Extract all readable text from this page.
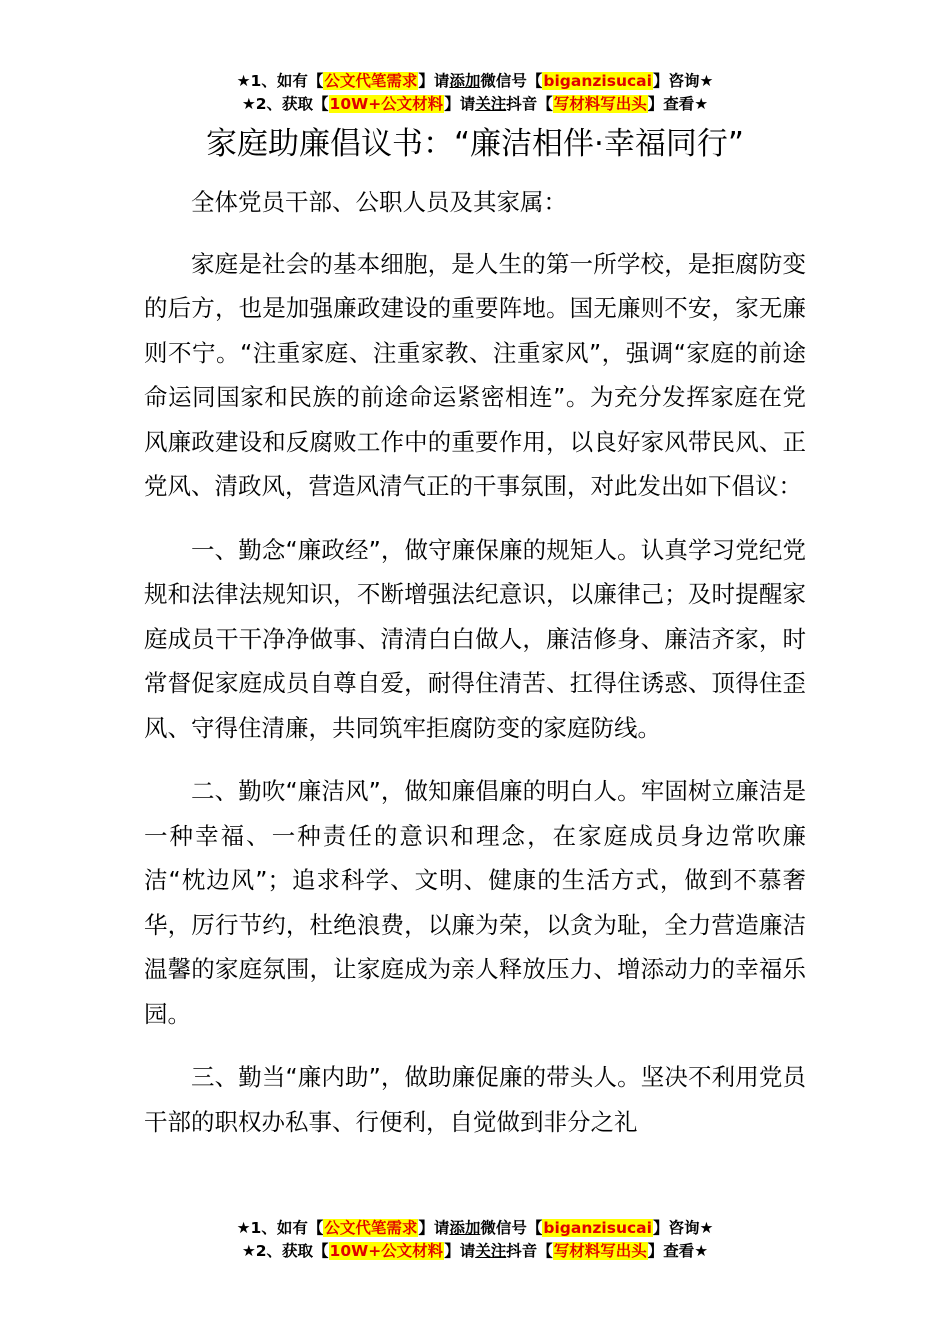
★1、如有【公文代笔需求】请添加微信号【biganzisucai】咨询★
★2、获取【10W+公文材料】请关注抖音【写材料写出头】查看★
家庭助廉倡议书：“廉洁相伴·幸福同行”

全体党员干部、公职人员及其家属：

家庭是社会的基本细胞，是人生的第一所学校，是拒腐防变的后方，也是加强廉政建设的重要阵地。国无廉则不安，家无廉则不宁。“注重家庭、注重家教、注重家风”，强调“家庭的前途命运同国家和民族的前途命运紧密相连”。为充分发挥家庭在党风廉政建设和反腐败工作中的重要作用，以良好家风带民风、正党风、清政风，营造风清气正的干事氛围，对此发出如下倡议：

一、勤念“廉政经”，做守廉保廉的规矩人。认真学习党纪党规和法律法规知识，不断增强法纪意识，以廉律己；及时提醒家庭成员干干净净做事、清清白白做人，廉洁修身、廉洁齐家，时常督促家庭成员自尊自爱，耐得住清苦、扛得住诱惑、顶得住歪风、守得住清廉，共同筑牢拒腐防变的家庭防线。

二、勤吹“廉洁风”，做知廉倡廉的明白人。牢固树立廉洁是一种幸福、一种责任的意识和理念，在家庭成员身边常吹廉洁“枕边风”；追求科学、文明、健康的生活方式，做到不慕奢华，厉行节约，杜绝浪费，以廉为荣，以贪为耻，全力营造廉洁温馨的家庭氛围，让家庭成为亲人释放压力、增添动力的幸福乐园。

三、勤当“廉内助”，做助廉促廉的带头人。坚决不利用党员干部的职权办私事、行便利，自觉做到非分之礼

★1、如有【公文代笔需求】请添加微信号【biganzisucai】咨询★
★2、获取【10W+公文材料】请关注抖音【写材料写出头】查看★
